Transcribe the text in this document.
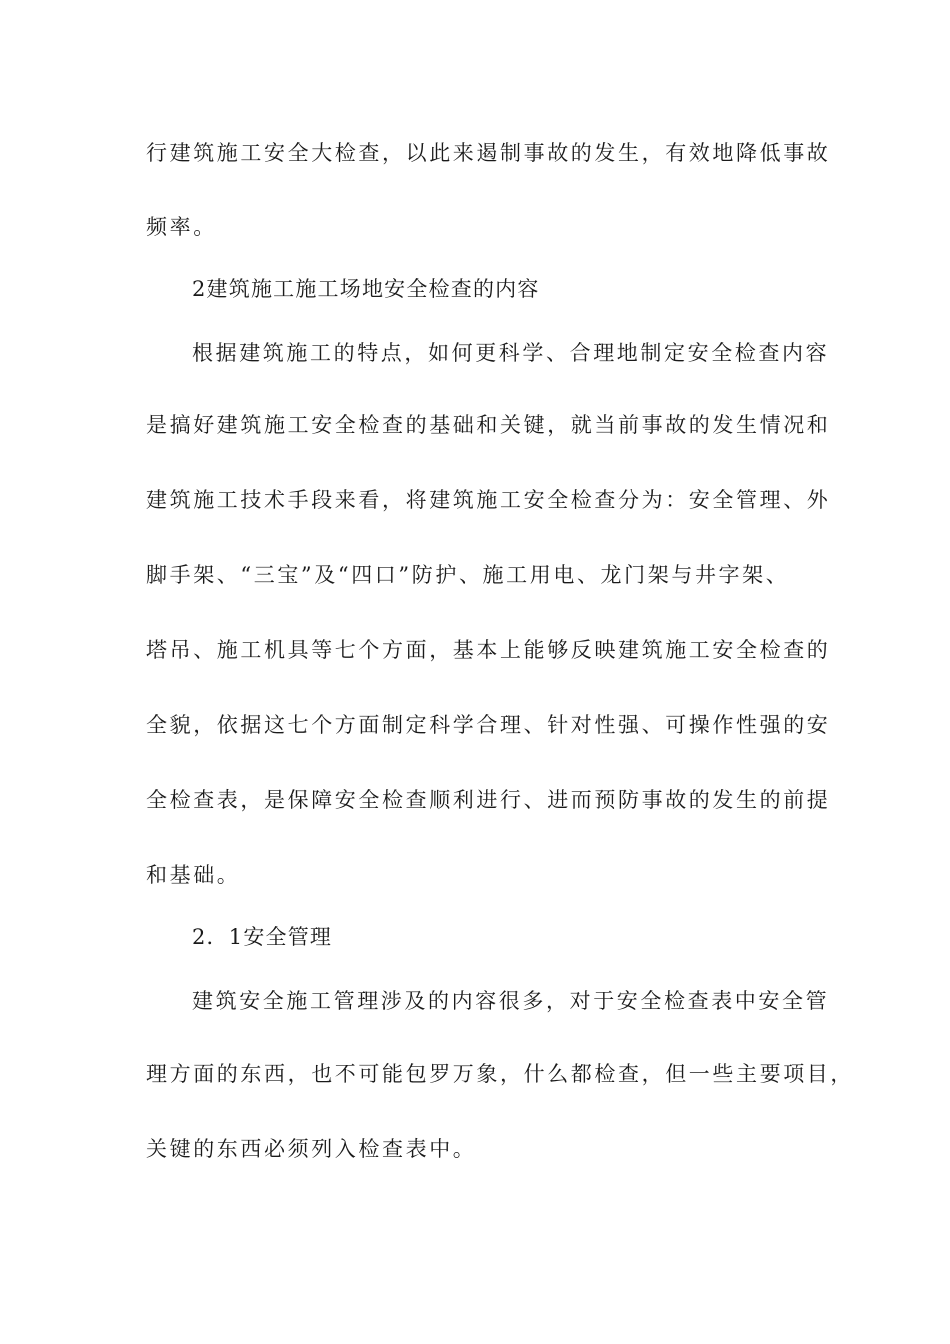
行建筑施工安全大检查，以此来遏制事故的发生，有效地降低事故
频率。
2建筑施工施工场地安全检查的内容
根据建筑施工的特点，如何更科学、合理地制定安全检查内容
是搞好建筑施工安全检查的基础和关键，就当前事故的发生情况和
建筑施工技术手段来看，将建筑施工安全检查分为：安全管理、外
脚手架、“三宝”及“四口”防护、施工用电、龙门架与井字架、
塔吊、施工机具等七个方面，基本上能够反映建筑施工安全检查的
全貌，依据这七个方面制定科学合理、针对性强、可操作性强的安
全检查表，是保障安全检查顺利进行、进而预防事故的发生的前提
和基础。
2．1安全管理
建筑安全施工管理涉及的内容很多，对于安全检查表中安全管
理方面的东西，也不可能包罗万象，什么都检查，但一些主要项目，
关键的东西必须列入检查表中。
